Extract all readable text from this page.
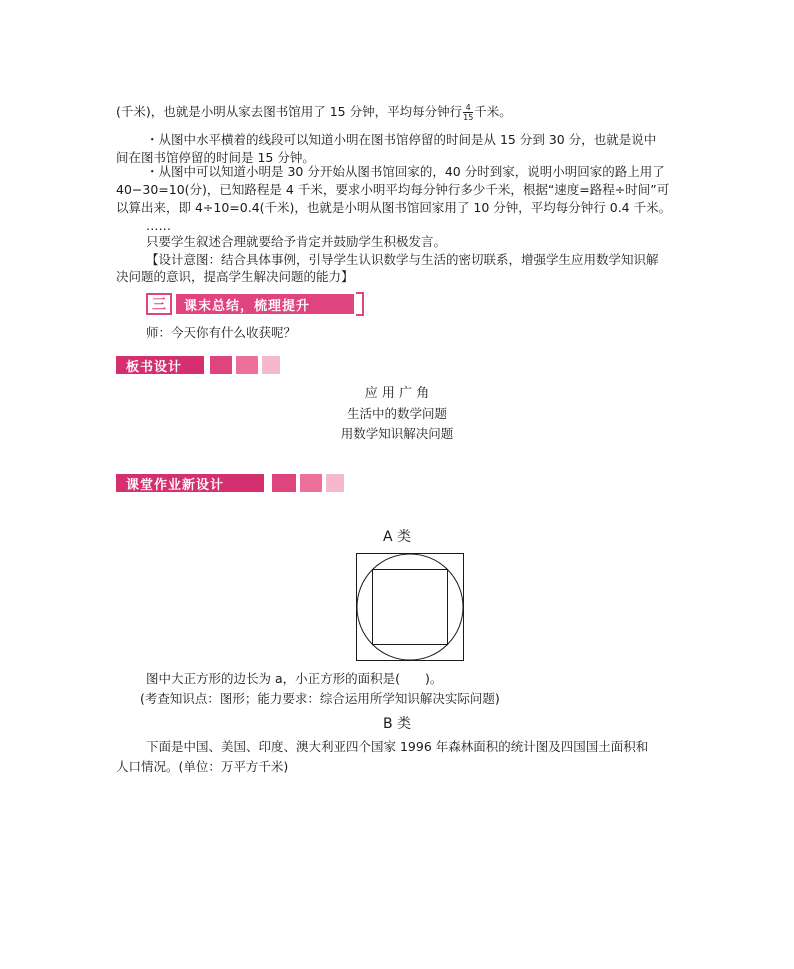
(千米)，也就是小明从家去图书馆用了 15 分钟，平均每分钟行 $\frac{4}{15}$ 千米。
・从图中水平横着的线段可以知道小明在图书馆停留的时间是从 15 分到 30 分，也就是说中
间在图书馆停留的时间是 15 分钟。
・从图中可以知道小明是 30 分开始从图书馆回家的，40 分时到家，说明小明回家的路上用了
40−30=10(分)，已知路程是 4 千米，要求小明平均每分钟行多少千米，根据“速度=路程÷时间”可
以算出来，即 4÷10=0.4(千米)，也就是小明从图书馆回家用了 10 分钟，平均每分钟行 0.4 千米。
……
只要学生叙述合理就要给予肯定并鼓励学生积极发言。
【设计意图：结合具体事例，引导学生认识数学与生活的密切联系，增强学生应用数学知识解
决问题的意识，提高学生解决问题的能力】
三	课末总结，梳理提升
师：今天你有什么收获呢？
板书设计
应 用 广 角
生活中的数学问题
用数学知识解决问题
课堂作业新设计
A 类
图中大正方形的边长为 a，小正方形的面积是(　　)。
(考查知识点：图形；能力要求：综合运用所学知识解决实际问题)
B 类
下面是中国、美国、印度、澳大利亚四个国家 1996 年森林面积的统计图及四国国土面积和
人口情况。(单位：万平方千米)
